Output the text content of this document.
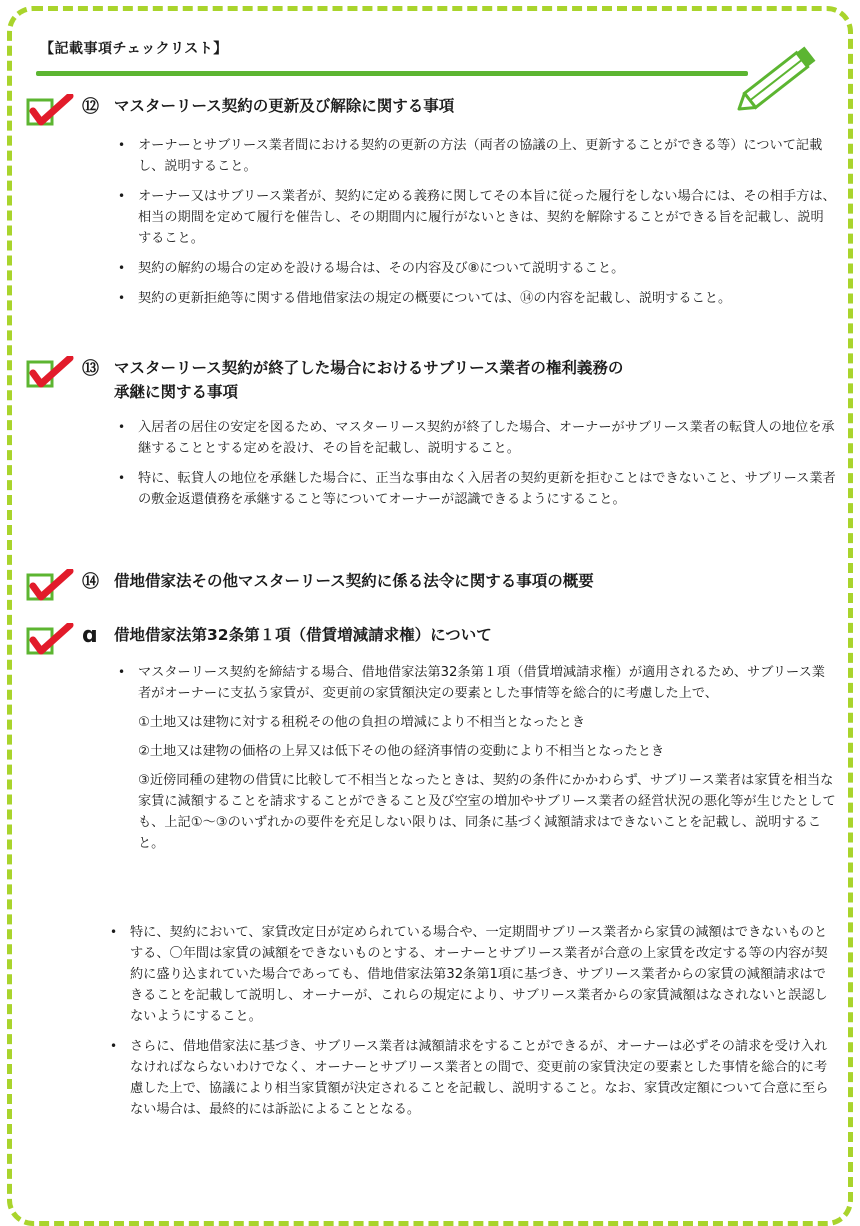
【記載事項チェックリスト】
⑫ マスターリース契約の更新及び解除に関する事項
• オーナーとサブリース業者間における契約の更新の方法（両者の協議の上、更新することができる等）について記載し、説明すること。
• オーナー又はサブリース業者が、契約に定める義務に関してその本旨に従った履行をしない場合には、その相手方は、相当の期間を定めて履行を催告し、その期間内に履行がないときは、契約を解除することができる旨を記載し、説明すること。
• 契約の解約の場合の定めを設ける場合は、その内容及び⑧について説明すること。
• 契約の更新拒絶等に関する借地借家法の規定の概要については、⑭の内容を記載し、説明すること。
⑬ マスターリース契約が終了した場合におけるサブリース業者の権利義務の
承継に関する事項
• 入居者の居住の安定を図るため、マスターリース契約が終了した場合、オーナーがサブリース業者の転貸人の地位を承継することとする定めを設け、その旨を記載し、説明すること。
• 特に、転貸人の地位を承継した場合に、正当な事由なく入居者の契約更新を拒むことはできないこと、サブリース業者の敷金返還債務を承継すること等についてオーナーが認識できるようにすること。
⑭ 借地借家法その他マスターリース契約に係る法令に関する事項の概要
ɑ	借地借家法第32条第１項（借賃増減請求権）について
• マスターリース契約を締結する場合、借地借家法第32条第１項（借賃増減請求権）が適用されるため、サブリース業者がオーナーに支払う家賃が、変更前の家賃額決定の要素とした事情等を総合的に考慮した上で、

①土地又は建物に対する租税その他の負担の増減により不相当となったとき

②土地又は建物の価格の上昇又は低下その他の経済事情の変動により不相当となったとき

③近傍同種の建物の借賃に比較して不相当となったときは、契約の条件にかかわらず、サブリース業者は家賃を相当な家賃に減額することを請求することができること及び空室の増加やサブリース業者の経営状況の悪化等が生じたとしても、上記①～③のいずれかの要件を充足しない限りは、同条に基づく減額請求はできないことを記載し、説明すること。

• 特に、契約において、家賃改定日が定められている場合や、一定期間サブリース業者から家賃の減額はできないものとする、〇年間は家賃の減額をできないものとする、オーナーとサブリース業者が合意の上家賃を改定する等の内容が契約に盛り込まれていた場合であっても、借地借家法第32条第1項に基づき、サブリース業者からの家賃の減額請求はできることを記載して説明し、オーナーが、これらの規定により、サブリース業者からの家賃減額はなされないと誤認しないようにすること。
• さらに、借地借家法に基づき、サブリース業者は減額請求をすることができるが、オーナーは必ずその請求を受け入れなければならないわけでなく、オーナーとサブリース業者との間で、変更前の家賃決定の要素とした事情を総合的に考慮した上で、協議により相当家賃額が決定されることを記載し、説明すること。なお、家賃改定額について合意に至らない場合は、最終的には訴訟によることとなる。
